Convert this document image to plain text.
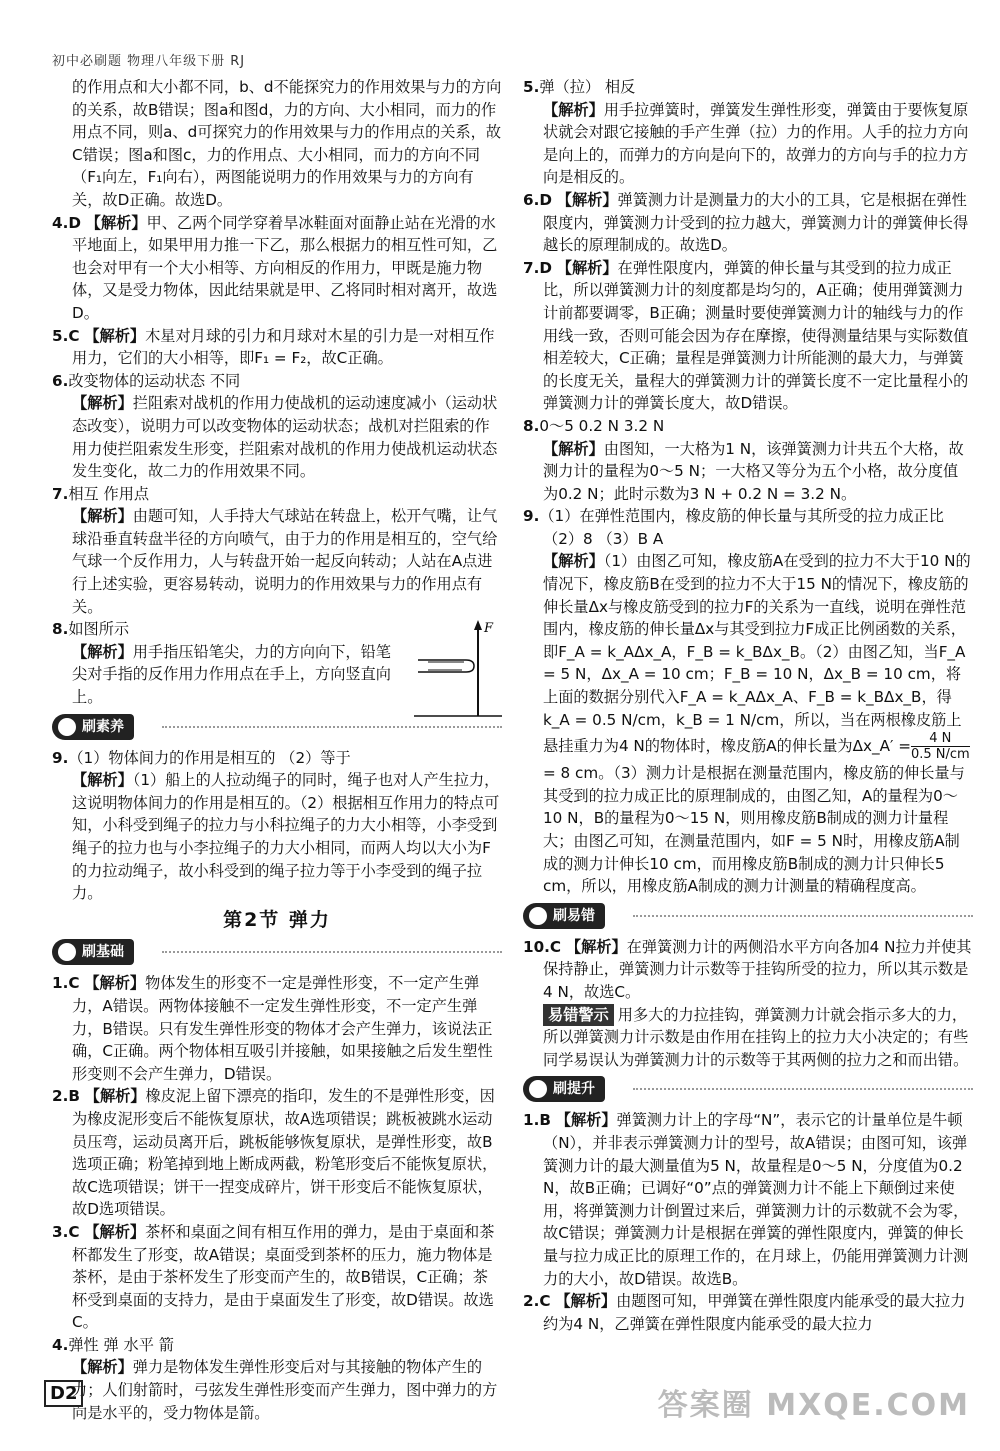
初中必刷题 物理八年级下册 RJ

的作用点和大小都不同，b、d不能探究力的作用效果与力的方向的关系，故B错误；图a和图d，力的方向、大小相同，而力的作用点不同，则a、d可探究力的作用效果与力的作用点的关系，故C错误；图a和图c，力的作用点、大小相同，而力的方向不同（F₁向左，F₁向右），两图能说明力的作用效果与力的方向有关，故D正确。故选D。

4.D 【解析】甲、乙两个同学穿着旱冰鞋面对面静止站在光滑的水平地面上，如果甲用力推一下乙，那么根据力的相互性可知，乙也会对甲有一个大小相等、方向相反的作用力，甲既是施力物体，又是受力物体，因此结果就是甲、乙将同时相对离开，故选D。

5.C 【解析】木星对月球的引力和月球对木星的引力是一对相互作用力，它们的大小相等，即F₁ = F₂，故C正确。

6.改变物体的运动状态 不同

【解析】拦阻索对战机的作用力使战机的运动速度减小（运动状态改变），说明力可以改变物体的运动状态；战机对拦阻索的作用力使拦阻索发生形变，拦阻索对战机的作用力使战机运动状态发生变化，故二力的作用效果不同。

7.相互 作用点

【解析】由题可知，人手持大气球站在转盘上，松开气嘴，让气球沿垂直转盘半径的方向喷气，由于力的作用是相互的，空气给气球一个反作用力，人与转盘开始一起反向转动；人站在A点进行上述实验，更容易转动，说明力的作用效果与力的作用点有关。

8.如图所示

【解析】用手指压铅笔尖，力的方向向下，铅笔尖对手指的反作用力作用点在手上，方向竖直向上。

F
刷素养

9.（1）物体间力的作用是相互的 （2）等于

【解析】（1）船上的人拉动绳子的同时，绳子也对人产生拉力，这说明物体间力的作用是相互的。（2）根据相互作用力的特点可知，小科受到绳子的拉力与小科拉绳子的力大小相等，小李受到绳子的拉力也与小李拉绳子的力大小相同，而两人均以大小为F的力拉动绳子，故小科受到的绳子拉力等于小李受到的绳子拉力。

第2节 弹力
刷基础

1.C 【解析】物体发生的形变不一定是弹性形变，不一定产生弹力，A错误。两物体接触不一定发生弹性形变，不一定产生弹力，B错误。只有发生弹性形变的物体才会产生弹力，该说法正确，C正确。两个物体相互吸引并接触，如果接触之后发生塑性形变则不会产生弹力，D错误。

2.B 【解析】橡皮泥上留下漂亮的指印，发生的不是弹性形变，因为橡皮泥形变后不能恢复原状，故A选项错误；跳板被跳水运动员压弯，运动员离开后，跳板能够恢复原状，是弹性形变，故B选项正确；粉笔掉到地上断成两截，粉笔形变后不能恢复原状，故C选项错误；饼干一捏变成碎片，饼干形变后不能恢复原状，故D选项错误。

3.C 【解析】茶杯和桌面之间有相互作用的弹力，是由于桌面和茶杯都发生了形变，故A错误；桌面受到茶杯的压力，施力物体是茶杯，是由于茶杯发生了形变而产生的，故B错误，C正确；茶杯受到桌面的支持力，是由于桌面发生了形变，故D错误。故选C。

4.弹性 弹 水平 箭

【解析】弹力是物体发生弹性形变后对与其接触的物体产生的力；人们射箭时，弓弦发生弹性形变而产生弹力，图中弹力的方向是水平的，受力物体是箭。

5.弹（拉） 相反

【解析】用手拉弹簧时，弹簧发生弹性形变，弹簧由于要恢复原状就会对跟它接触的手产生弹（拉）力的作用。人手的拉力方向是向上的，而弹力的方向是向下的，故弹力的方向与手的拉力方向是相反的。

6.D 【解析】弹簧测力计是测量力的大小的工具，它是根据在弹性限度内，弹簧测力计受到的拉力越大，弹簧测力计的弹簧伸长得越长的原理制成的。故选D。

7.D 【解析】在弹性限度内，弹簧的伸长量与其受到的拉力成正比，所以弹簧测力计的刻度都是均匀的，A正确；使用弹簧测力计前都要调零，B正确；测量时要使弹簧测力计的轴线与力的作用线一致，否则可能会因为存在摩擦，使得测量结果与实际数值相差较大，C正确；量程是弹簧测力计所能测的最大力，与弹簧的长度无关，量程大的弹簧测力计的弹簧长度不一定比量程小的弹簧测力计的弹簧长度大，故D错误。

8.0～5 0.2 N 3.2 N

【解析】由图知，一大格为1 N，该弹簧测力计共五个大格，故测力计的量程为0～5 N；一大格又等分为五个小格，故分度值为0.2 N；此时示数为3 N + 0.2 N = 3.2 N。

9.（1）在弹性范围内，橡皮筋的伸长量与其所受的拉力成正比 （2）8 （3）B A

【解析】（1）由图乙可知，橡皮筋A在受到的拉力不大于10 N的情况下，橡皮筋B在受到的拉力不大于15 N的情况下，橡皮筋的伸长量Δx与橡皮筋受到的拉力F的关系为一直线，说明在弹性范围内，橡皮筋的伸长量Δx与其受到拉力F成正比例函数的关系，即F_A = k_AΔx_A，F_B = k_BΔx_B。（2）由图乙知，当F_A = 5 N，Δx_A = 10 cm；F_B = 10 N，Δx_B = 10 cm，将上面的数据分别代入F_A = k_AΔx_A、F_B = k_BΔx_B，得k_A = 0.5 N/cm，k_B = 1 N/cm，所以，当在两根橡皮筋上悬挂重力为4 N的物体时，橡皮筋A的伸长量为Δx_A′ = $\frac{4 N}{0.5 N/cm}$
= 8 cm。（3）测力计是根据在测量范围内，橡皮筋的伸长量与其受到的拉力成正比的原理制成的，由图乙知，A的量程为0～10 N，B的量程为0～15 N，则用橡皮筋B制成的测力计量程大；由图乙可知，在测量范围内，如F = 5 N时，用橡皮筋A制成的测力计伸长10 cm，而用橡皮筋B制成的测力计只伸长5 cm，所以，用橡皮筋A制成的测力计测量的精确程度高。

刷易错

10.C 【解析】在弹簧测力计的两侧沿水平方向各加4 N拉力并使其保持静止，弹簧测力计示数等于挂钩所受的拉力，所以其示数是4 N，故选C。

易错警示 用多大的力拉挂钩，弹簧测力计就会指示多大的力，所以弹簧测力计示数是由作用在挂钩上的拉力大小决定的；有些同学易误认为弹簧测力计的示数等于其两侧的拉力之和而出错。

刷提升

1.B 【解析】弹簧测力计上的字母“N”，表示它的计量单位是牛顿（N），并非表示弹簧测力计的型号，故A错误；由图可知，该弹簧测力计的最大测量值为5 N，故量程是0～5 N，分度值为0.2 N，故B正确；已调好“0”点的弹簧测力计不能上下颠倒过来使用，将弹簧测力计倒置过来后，弹簧测力计的示数就不会为零，故C错误；弹簧测力计是根据在弹簧的弹性限度内，弹簧的伸长量与拉力成正比的原理工作的，在月球上，仍能用弹簧测力计测力的大小，故D错误。故选B。

2.C 【解析】由题图可知，甲弹簧在弹性限度内能承受的最大拉力约为4 N，乙弹簧在弹性限度内能承受的最大拉力

D2	答案圈 MXQE.COM
